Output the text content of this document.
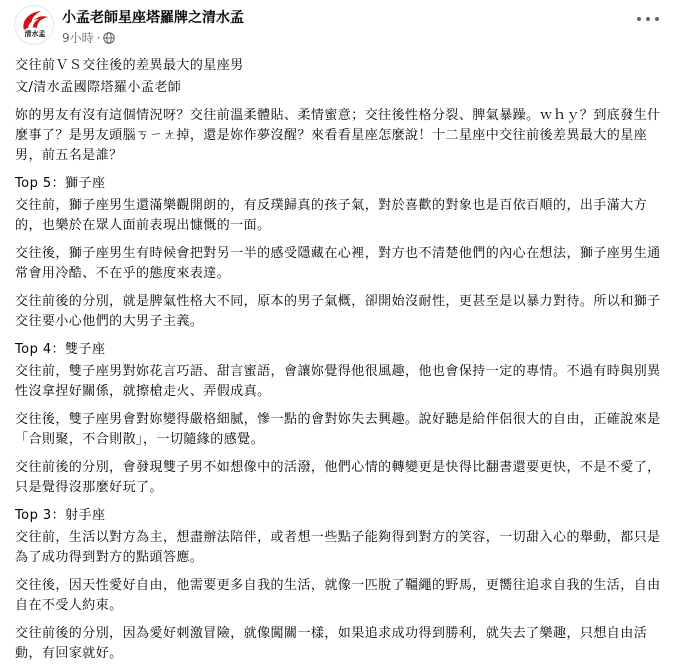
清水孟
小孟老師星座塔羅牌之清水孟
9小時 ·

交往前ＶＳ交往後的差異最大的星座男

文/清水孟國際塔羅小孟老師

妳的男友有沒有這個情況呀？交往前溫柔體貼、柔情蜜意；交往後性格分裂、脾氣暴躁。ｗｈｙ？到底發生什麼事了？是男友頭腦ㄎㄧㄤ掉，還是妳作夢沒醒？來看看星座怎麼說！十二星座中交往前後差異最大的星座男，前五名是誰？

Top 5：獅子座

交往前，獅子座男生還滿樂觀開朗的，有反璞歸真的孩子氣，對於喜歡的對象也是百依百順的，出手滿大方的，也樂於在眾人面前表現出慷慨的一面。

交往後，獅子座男生有時候會把對另一半的感受隱藏在心裡，對方也不清楚他們的內心在想法，獅子座男生通常會用冷酷、不在乎的態度來表達。

交往前後的分別，就是脾氣性格大不同，原本的男子氣概，卻開始沒耐性，更甚至是以暴力對待。所以和獅子交往要小心他們的大男子主義。

Top 4：雙子座

交往前，雙子座男對妳花言巧語、甜言蜜語，會讓妳覺得他很風趣，他也會保持一定的專情。不過有時與別異性沒拿捏好關係，就擦槍走火、弄假成真。

交往後，雙子座男會對妳變得嚴格細膩，慘一點的會對妳失去興趣。說好聽是給伴侶很大的自由，正確說來是「合則聚，不合則散」，一切隨緣的感覺。

交往前後的分別，會發現雙子男不如想像中的活潑，他們心情的轉變更是快得比翻書還要更快，不是不愛了，只是覺得沒那麼好玩了。

Top 3：射手座

交往前，生活以對方為主，想盡辦法陪伴，或者想一些點子能夠得到對方的笑容，一切甜入心的舉動，都只是為了成功得到對方的點頭答應。

交往後，因天性愛好自由，他需要更多自我的生活，就像一匹脫了韁繩的野馬，更嚮往追求自我的生活，自由自在不受人約束。

交往前後的分別，因為愛好刺激冒險，就像闖關一樣，如果追求成功得到勝利，就失去了樂趣，只想自由活動，有回家就好。
